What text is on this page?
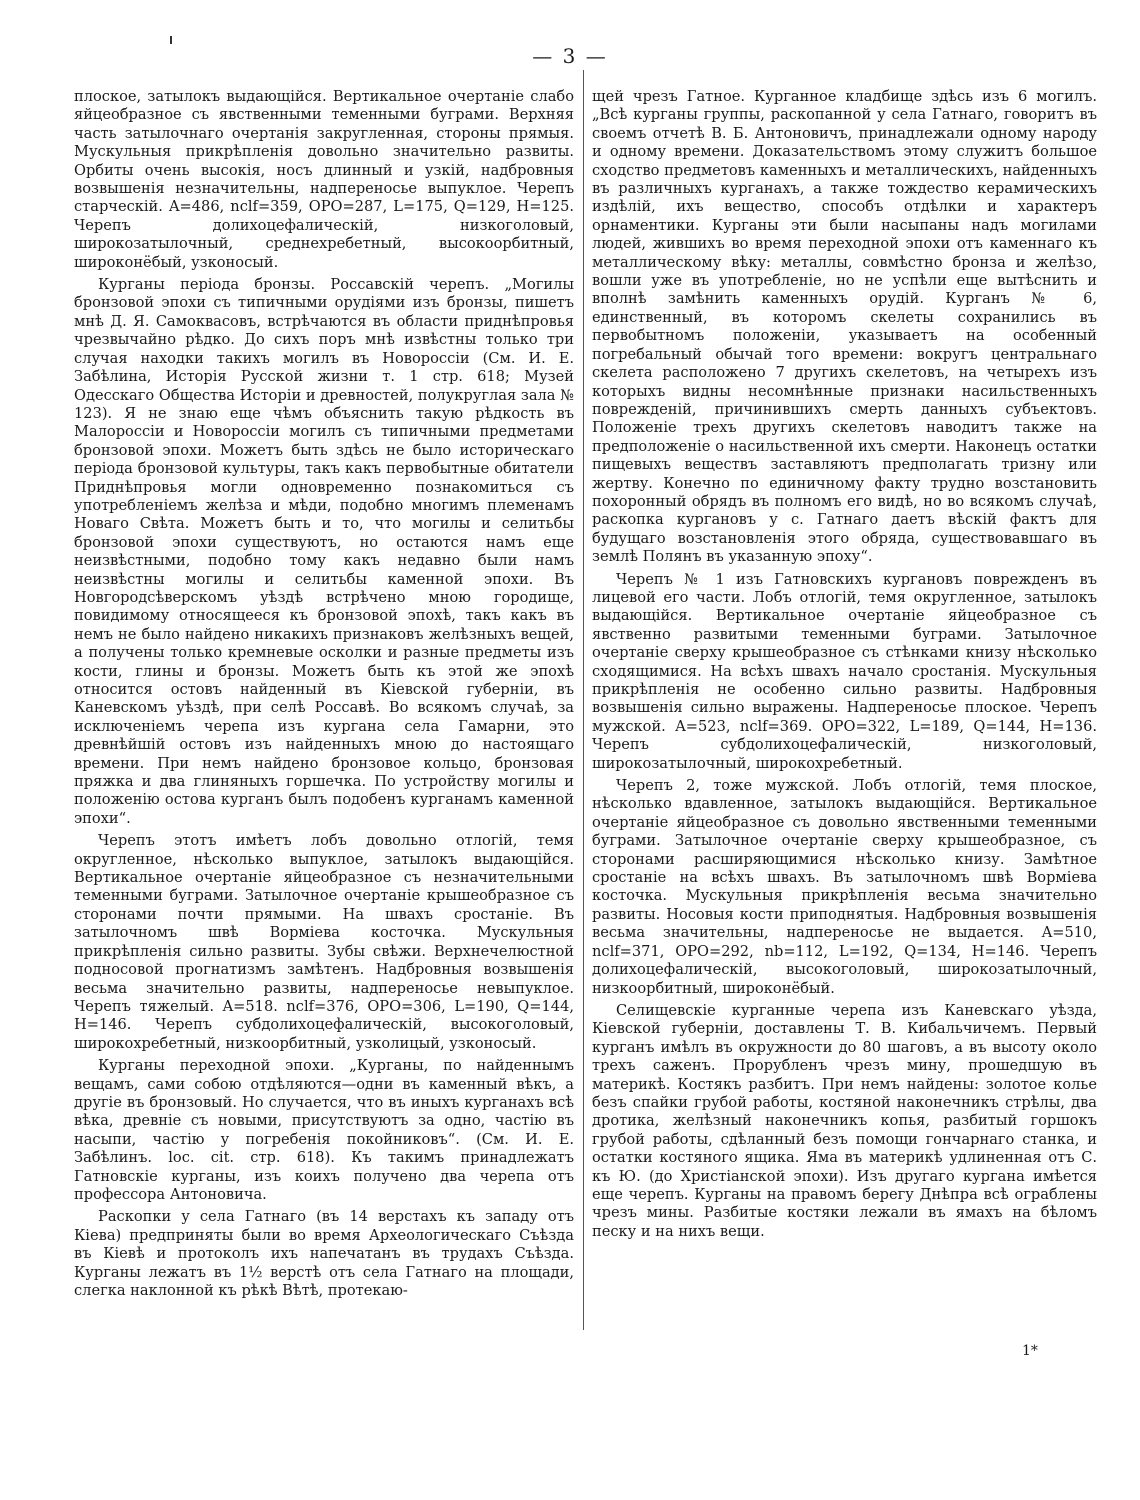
— 3 —

плоское, затылокъ выдающійся. Вертикальное очертаніе слабо яйцеобразное съ явственными теменными буграми. Верхняя часть затылочнаго очертанія закругленная, стороны прямыя. Мускульныя прикрѣпленія довольно значительно развиты. Орбиты очень высокія, носъ длинный и узкій, надбровныя возвышенія незначительны, надпереносье выпуклое. Черепъ старческій. A=486, nclf=359, OPO=287, L=175, Q=129, H=125. Черепъ долихоцефалическій, низкоголовый, широкозатылочный, среднехребетный, высокоорбитный, широконёбый, узконосый.

Курганы періода бронзы. Россавскій черепъ. „Могилы бронзовой эпохи съ типичными орудіями изъ бронзы, пишетъ мнѣ Д. Я. Самоквасовъ, встрѣчаются въ области приднѣпровья чрезвычайно рѣдко. До сихъ поръ мнѣ извѣстны только три случая находки такихъ могилъ въ Новороссіи (См. И. Е. Забѣлина, Исторія Русской жизни т. 1 стр. 618; Музей Одесскаго Общества Исторіи и древностей, полукруглая зала № 123). Я не знаю еще чѣмъ объяснить такую рѣдкость въ Малороссіи и Новороссіи могилъ съ типичными предметами бронзовой эпохи. Можетъ быть здѣсь не было историческаго періода бронзовой культуры, такъ какъ первобытные обитатели Приднѣпровья могли одновременно познакомиться съ употребленіемъ желѣза и мѣди, подобно многимъ племенамъ Новаго Свѣта. Можетъ быть и то, что могилы и селитьбы бронзовой эпохи существуютъ, но остаются намъ еще неизвѣстными, подобно тому какъ недавно были намъ неизвѣстны могилы и селитьбы каменной эпохи. Въ Новгородсѣверскомъ уѣздѣ встрѣчено мною городище, повидимому относящееся къ бронзовой эпохѣ, такъ какъ въ немъ не было найдено никакихъ признаковъ желѣзныхъ вещей, а получены только кремневые осколки и разные предметы изъ кости, глины и бронзы. Можетъ быть къ этой же эпохѣ относится остовъ найденный въ Кіевской губерніи, въ Каневскомъ уѣздѣ, при селѣ Россавѣ. Во всякомъ случаѣ, за исключеніемъ черепа изъ кургана села Гамарни, это древнѣйшій остовъ изъ найденныхъ мною до настоящаго времени. При немъ найдено бронзовое кольцо, бронзовая пряжка и два глиняныхъ горшечка. По устройству могилы и положенію остова курганъ былъ подобенъ курганамъ каменной эпохи“.

Черепъ этотъ имѣетъ лобъ довольно отлогій, темя округленное, нѣсколько выпуклое, затылокъ выдающійся. Вертикальное очертаніе яйцеобразное съ незначительными теменными буграми. Затылочное очертаніе крышеобразное съ сторонами почти прямыми. На швахъ сростаніе. Въ затылочномъ швѣ Ворміева косточка. Мускульныя прикрѣпленія сильно развиты. Зубы свѣжи. Верхнечелюстной подносовой прогнатизмъ замѣтенъ. Надбровныя возвышенія весьма значительно развиты, надпереносье невыпуклое. Черепъ тяжелый. A=518. nclf=376, OPO=306, L=190, Q=144, H=146. Черепъ субдолихоцефалическій, высокоголовый, широкохребетный, низкоорбитный, узколицый, узконосый.

Курганы переходной эпохи. „Курганы, по найденнымъ вещамъ, сами собою отдѣляются—одни въ каменный вѣкъ, а другіе въ бронзовый. Но случается, что въ иныхъ курганахъ всѣ вѣка, древніе съ новыми, присутствуютъ за одно, частію въ насыпи, частію у погребенія покойниковъ“. (См. И. Е. Забѣлинъ. loc. cit. стр. 618). Къ такимъ принадлежатъ Гатновскіе курганы, изъ коихъ получено два черепа отъ профессора Антоновича.

Раскопки у села Гатнаго (въ 14 верстахъ къ западу отъ Кіева) предприняты были во время Археологическаго Съѣзда въ Кіевѣ и протоколъ ихъ напечатанъ въ трудахъ Съѣзда. Курганы лежатъ въ 1½ верстѣ отъ села Гатнаго на площади, слегка наклонной къ рѣкѣ Вѣтѣ, протекаю-

щей чрезъ Гатное. Курганное кладбище здѣсь изъ 6 могилъ. „Всѣ курганы группы, раскопанной у села Гатнаго, говоритъ въ своемъ отчетѣ В. Б. Антоновичъ, принадлежали одному народу и одному времени. Доказательствомъ этому служитъ большое сходство предметовъ каменныхъ и металлическихъ, найденныхъ въ различныхъ курганахъ, а также тождество керамическихъ издѣлій, ихъ вещество, способъ отдѣлки и характеръ орнаментики. Курганы эти были насыпаны надъ могилами людей, жившихъ во время переходной эпохи отъ каменнаго къ металлическому вѣку: металлы, совмѣстно бронза и желѣзо, вошли уже въ употребленіе, но не успѣли еще вытѣснить и вполнѣ замѣнить каменныхъ орудій. Курганъ № 6, единственный, въ которомъ скелеты сохранились въ первобытномъ положеніи, указываетъ на особенный погребальный обычай того времени: вокругъ центральнаго скелета расположено 7 другихъ скелетовъ, на четырехъ изъ которыхъ видны несомнѣнные признаки насильственныхъ поврежденій, причинившихъ смерть данныхъ субъектовъ. Положеніе трехъ другихъ скелетовъ наводитъ также на предположеніе о насильственной ихъ смерти. Наконецъ остатки пищевыхъ веществъ заставляютъ предполагать тризну или жертву. Конечно по единичному факту трудно возстановить похоронный обрядъ въ полномъ его видѣ, но во всякомъ случаѣ, раскопка кургановъ у с. Гатнаго даетъ вѣскій фактъ для будущаго возстановленія этого обряда, существовавшаго въ землѣ Полянъ въ указанную эпоху“.

Черепъ № 1 изъ Гатновскихъ кургановъ поврежденъ въ лицевой его части. Лобъ отлогій, темя округленное, затылокъ выдающійся. Вертикальное очертаніе яйцеобразное съ явственно развитыми теменными буграми. Затылочное очертаніе сверху крышеобразное съ стѣнками книзу нѣсколько сходящимися. На всѣхъ швахъ начало сростанія. Мускульныя прикрѣпленія не особенно сильно развиты. Надбровныя возвышенія сильно выражены. Надпереносье плоское. Черепъ мужской. A=523, nclf=369. OPO=322, L=189, Q=144, H=136. Черепъ субдолихоцефалическій, низкоголовый, широкозатылочный, широкохребетный.

Черепъ 2, тоже мужской. Лобъ отлогій, темя плоское, нѣсколько вдавленное, затылокъ выдающійся. Вертикальное очертаніе яйцеобразное съ довольно явственными теменными буграми. Затылочное очертаніе сверху крышеобразное, съ сторонами расширяющимися нѣсколько книзу. Замѣтное сростаніе на всѣхъ швахъ. Въ затылочномъ швѣ Ворміева косточка. Мускульныя прикрѣпленія весьма значительно развиты. Носовыя кости приподнятыя. Надбровныя возвышенія весьма значительны, надпереносье не выдается. A=510, nclf=371, OPO=292, nb=112, L=192, Q=134, H=146. Черепъ долихоцефалическій, высокоголовый, широкозатылочный, низкоорбитный, широконёбый.

Селищевскіе курганные черепа изъ Каневскаго уѣзда, Кіевской губерніи, доставлены Т. В. Кибальчичемъ. Первый курганъ имѣлъ въ окружности до 80 шаговъ, а въ высоту около трехъ саженъ. Прорубленъ чрезъ мину, прошедшую въ материкѣ. Костякъ разбитъ. При немъ найдены: золотое колье безъ спайки грубой работы, костяной наконечникъ стрѣлы, два дротика, желѣзный наконечникъ копья, разбитый горшокъ грубой работы, сдѣланный безъ помощи гончарнаго станка, и остатки костяного ящика. Яма въ материкѣ удлиненная отъ С. къ Ю. (до Христіанской эпохи). Изъ другаго кургана имѣется еще черепъ. Курганы на правомъ берегу Днѣпра всѣ ограблены чрезъ мины. Разбитые костяки лежали въ ямахъ на бѣломъ песку и на нихъ вещи.

1*
